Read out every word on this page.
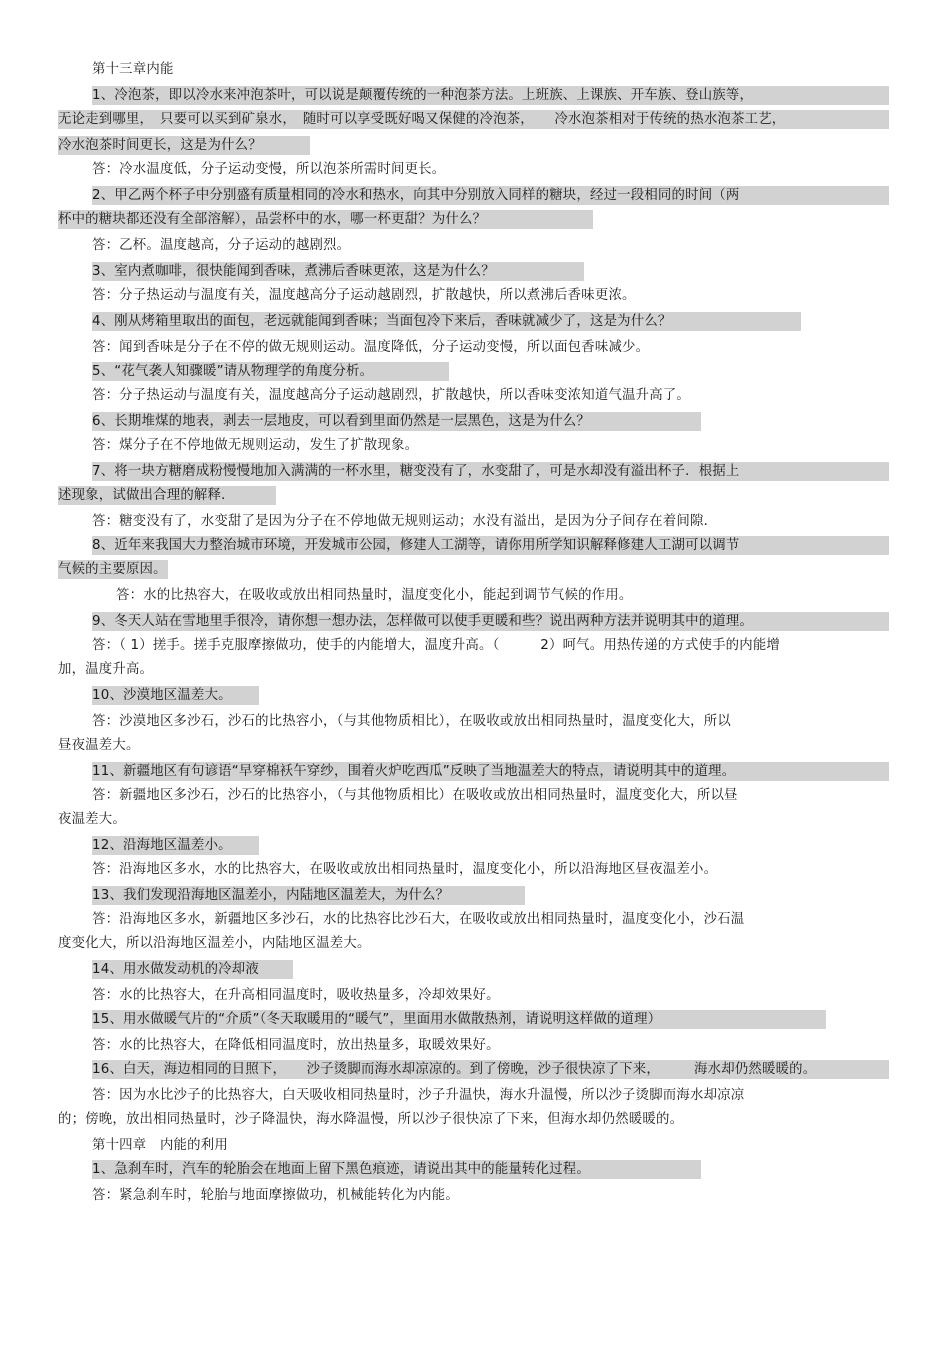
第十三章内能
1、冷泡茶，即以冷水来冲泡茶叶，可以说是颠覆传统的一种泡茶方法。上班族、上课族、开车族、登山族等，
无论走到哪里，　只要可以买到矿泉水，　随时可以享受既好喝又保健的冷泡茶，　　冷水泡茶相对于传统的热水泡茶工艺，
冷水泡茶时间更长，这是为什么？
答：冷水温度低，分子运动变慢，所以泡茶所需时间更长。
2、甲乙两个杯子中分别盛有质量相同的冷水和热水，向其中分别放入同样的糖块，经过一段相同的时间（两
杯中的糖块都还没有全部溶解），品尝杯中的水，哪一杯更甜？为什么？
答：乙杯。温度越高，分子运动的越剧烈。
3、室内煮咖啡，很快能闻到香味，煮沸后香味更浓，这是为什么？
答：分子热运动与温度有关，温度越高分子运动越剧烈，扩散越快，所以煮沸后香味更浓。
4、刚从烤箱里取出的面包，老远就能闻到香味；当面包冷下来后，香味就减少了，这是为什么？
答：闻到香味是分子在不停的做无规则运动。温度降低，分子运动变慢，所以面包香味减少。
5、“花气袭人知骤暖”请从物理学的角度分析。
答：分子热运动与温度有关，温度越高分子运动越剧烈，扩散越快，所以香味变浓知道气温升高了。
6、长期堆煤的地表，剥去一层地皮，可以看到里面仍然是一层黑色，这是为什么？
答：煤分子在不停地做无规则运动，发生了扩散现象。
7、将一块方糖磨成粉慢慢地加入满满的一杯水里，糖变没有了，水变甜了，可是水却没有溢出杯子．根据上
述现象，试做出合理的解释．
答：糖变没有了，水变甜了是因为分子在不停地做无规则运动；水没有溢出，是因为分子间存在着间隙．
8、近年来我国大力整治城市环境，开发城市公园，修建人工湖等，请你用所学知识解释修建人工湖可以调节
气候的主要原因。
答：水的比热容大，在吸收或放出相同热量时，温度变化小，能起到调节气候的作用。
9、冬天人站在雪地里手很冷，请你想一想办法，怎样做可以使手更暖和些？说出两种方法并说明其中的道理。
答：（ 1）搓手。搓手克服摩擦做功，使手的内能增大，温度升高。（　　　2）呵气。用热传递的方式使手的内能增
加，温度升高。
10、沙漠地区温差大。
答：沙漠地区多沙石，沙石的比热容小，（与其他物质相比），在吸收或放出相同热量时，温度变化大，所以
昼夜温差大。
11、新疆地区有句谚语“早穿棉袄午穿纱，围着火炉吃西瓜”反映了当地温差大的特点，请说明其中的道理。
答：新疆地区多沙石，沙石的比热容小，（与其他物质相比）在吸收或放出相同热量时，温度变化大，所以昼
夜温差大。
12、沿海地区温差小。
答：沿海地区多水，水的比热容大，在吸收或放出相同热量时，温度变化小，所以沿海地区昼夜温差小。
13、我们发现沿海地区温差小，内陆地区温差大，为什么？
答：沿海地区多水，新疆地区多沙石，水的比热容比沙石大，在吸收或放出相同热量时，温度变化小，沙石温
度变化大，所以沿海地区温差小，内陆地区温差大。
14、用水做发动机的冷却液
答：水的比热容大，在升高相同温度时，吸收热量多，冷却效果好。
15、用水做暖气片的“介质”（冬天取暖用的“暖气”，里面用水做散热剂，请说明这样做的道理）
答：水的比热容大，在降低相同温度时，放出热量多，取暖效果好。
16、白天，海边相同的日照下，　　沙子烫脚而海水却凉凉的。到了傍晚，沙子很快凉了下来，　　　海水却仍然暖暖的。
答：因为水比沙子的比热容大，白天吸收相同热量时，沙子升温快，海水升温慢，所以沙子烫脚而海水却凉凉
的；傍晚，放出相同热量时，沙子降温快，海水降温慢，所以沙子很快凉了下来，但海水却仍然暖暖的。
第十四章　内能的利用
1、急刹车时，汽车的轮胎会在地面上留下黑色痕迹，请说出其中的能量转化过程。
答：紧急刹车时，轮胎与地面摩擦做功，机械能转化为内能。
